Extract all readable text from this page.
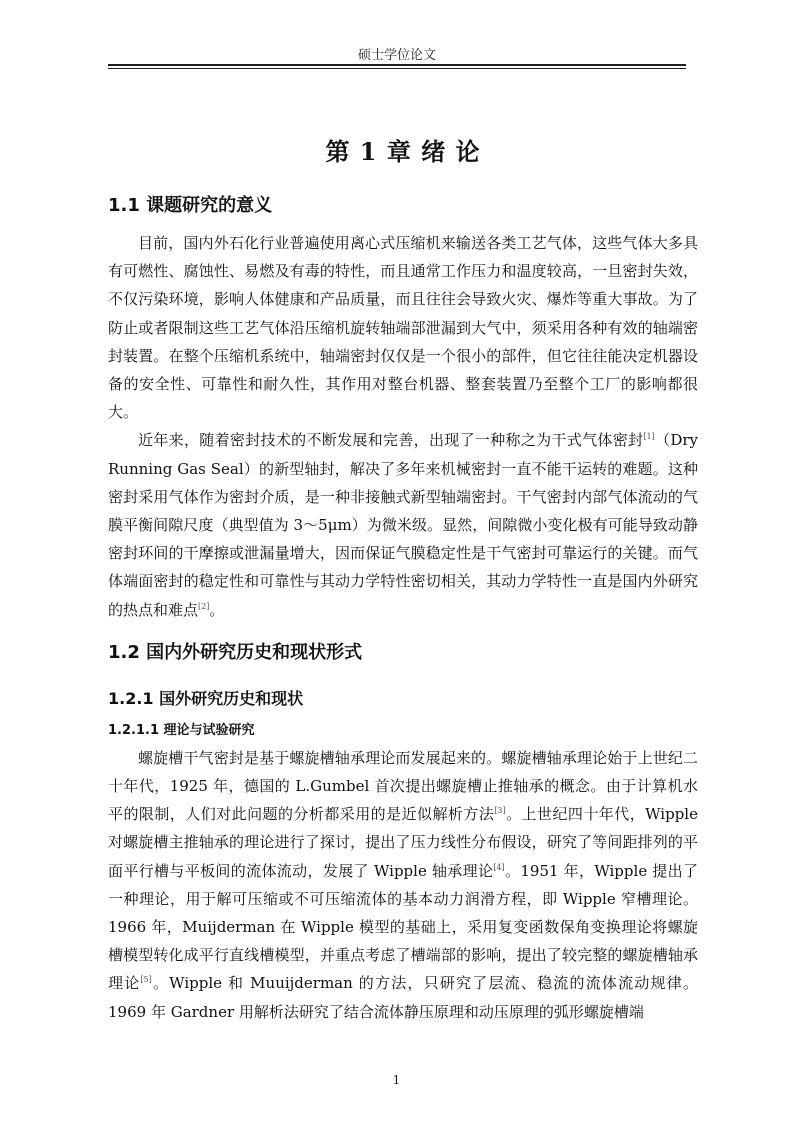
硕士学位论文
第 1 章 绪 论
1.1 课题研究的意义

目前，国内外石化行业普遍使用离心式压缩机来输送各类工艺气体，这些气体大多具有可燃性、腐蚀性、易燃及有毒的特性，而且通常工作压力和温度较高，一旦密封失效，不仅污染环境，影响人体健康和产品质量，而且往往会导致火灾、爆炸等重大事故。为了防止或者限制这些工艺气体沿压缩机旋转轴端部泄漏到大气中，须采用各种有效的轴端密封装置。在整个压缩机系统中，轴端密封仅仅是一个很小的部件，但它往往能决定机器设备的安全性、可靠性和耐久性，其作用对整台机器、整套装置乃至整个工厂的影响都很大。

近年来，随着密封技术的不断发展和完善，出现了一种称之为干式气体密封[1]（Dry Running Gas Seal）的新型轴封，解决了多年来机械密封一直不能干运转的难题。这种密封采用气体作为密封介质，是一种非接触式新型轴端密封。干气密封内部气体流动的气膜平衡间隙尺度（典型值为 3～5μm）为微米级。显然，间隙微小变化极有可能导致动静密封环间的干摩擦或泄漏量增大，因而保证气膜稳定性是干气密封可靠运行的关键。而气体端面密封的稳定性和可靠性与其动力学特性密切相关，其动力学特性一直是国内外研究的热点和难点[2]。

1.2 国内外研究历史和现状形式
1.2.1 国外研究历史和现状
1.2.1.1 理论与试验研究

螺旋槽干气密封是基于螺旋槽轴承理论而发展起来的。螺旋槽轴承理论始于上世纪二十年代，1925 年，德国的 L.Gumbel 首次提出螺旋槽止推轴承的概念。由于计算机水平的限制，人们对此问题的分析都采用的是近似解析方法[3]。上世纪四十年代，Wipple 对螺旋槽主推轴承的理论进行了探讨，提出了压力线性分布假设，研究了等间距排列的平面平行槽与平板间的流体流动，发展了 Wipple 轴承理论[4]。1951 年，Wipple 提出了一种理论，用于解可压缩或不可压缩流体的基本动力润滑方程，即 Wipple 窄槽理论。1966 年，Muijderman 在 Wipple 模型的基础上，采用复变函数保角变换理论将螺旋槽模型转化成平行直线槽模型，并重点考虑了槽端部的影响，提出了较完整的螺旋槽轴承理论[5]。Wipple 和 Muuijderman 的方法，只研究了层流、稳流的流体流动规律。1969 年 Gardner 用解析法研究了结合流体静压原理和动压原理的弧形螺旋槽端

1
